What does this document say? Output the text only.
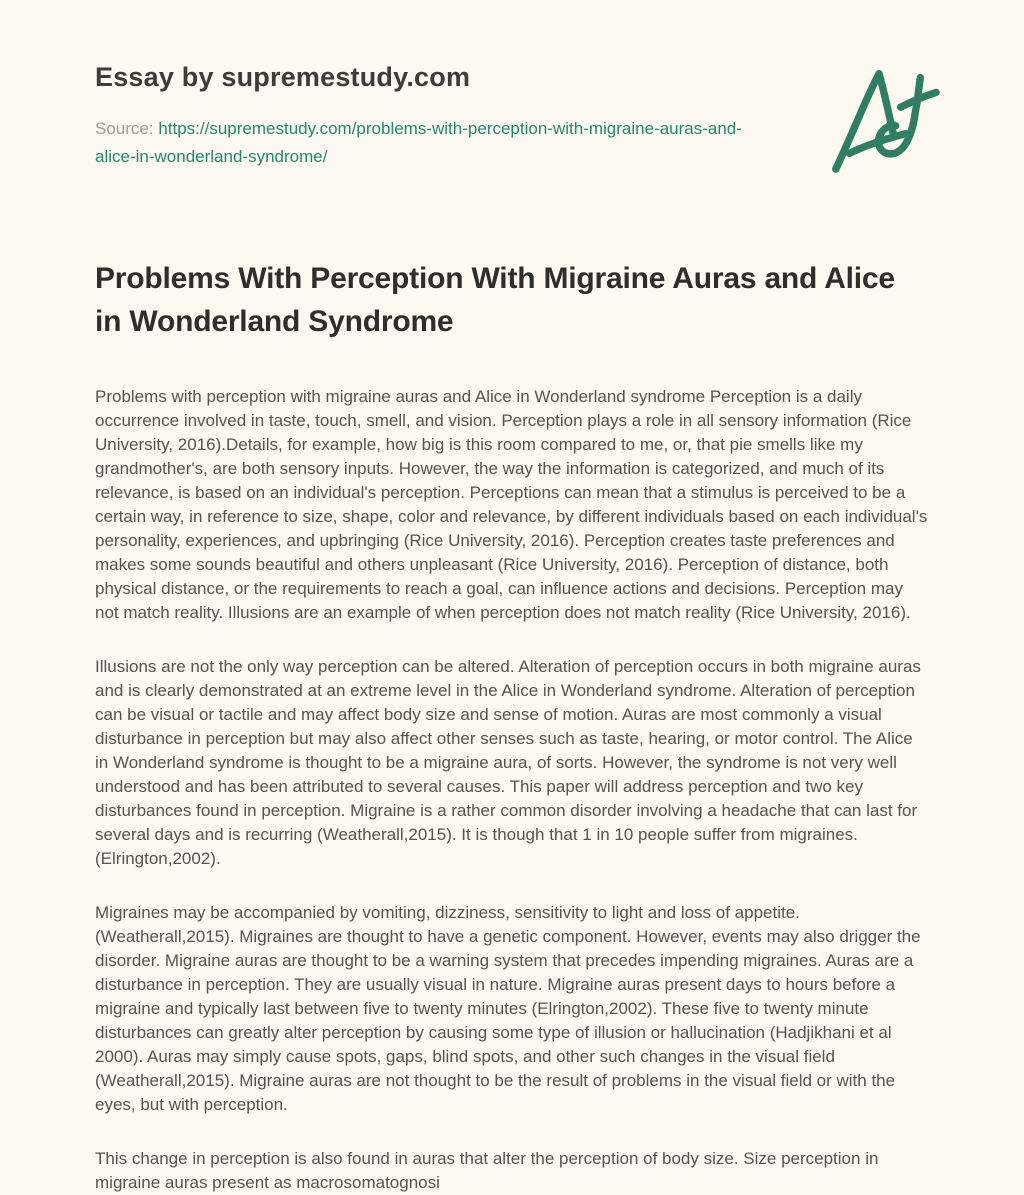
Essay by supremestudy.com

Source: https://supremestudy.com/problems-with-perception-with-migraine-auras-and-alice-in-wonderland-syndrome/

Problems With Perception With Migraine Auras and Alice in Wonderland Syndrome

Problems with perception with migraine auras and Alice in Wonderland syndrome Perception is a daily occurrence involved in taste, touch, smell, and vision. Perception plays a role in all sensory information (Rice University, 2016).Details, for example, how big is this room compared to me, or, that pie smells like my grandmother's, are both sensory inputs. However, the way the information is categorized, and much of its relevance, is based on an individual's perception. Perceptions can mean that a stimulus is perceived to be a certain way, in reference to size, shape, color and relevance, by different individuals based on each individual's personality, experiences, and upbringing (Rice University, 2016). Perception creates taste preferences and makes some sounds beautiful and others unpleasant (Rice University, 2016). Perception of distance, both physical distance, or the requirements to reach a goal, can influence actions and decisions. Perception may not match reality. Illusions are an example of when perception does not match reality (Rice University, 2016).

Illusions are not the only way perception can be altered. Alteration of perception occurs in both migraine auras and is clearly demonstrated at an extreme level in the Alice in Wonderland syndrome. Alteration of perception can be visual or tactile and may affect body size and sense of motion. Auras are most commonly a visual disturbance in perception but may also affect other senses such as taste, hearing, or motor control. The Alice in Wonderland syndrome is thought to be a migraine aura, of sorts. However, the syndrome is not very well understood and has been attributed to several causes. This paper will address perception and two key disturbances found in perception. Migraine is a rather common disorder involving a headache that can last for several days and is recurring (Weatherall,2015). It is though that 1 in 10 people suffer from migraines. (Elrington,2002).

Migraines may be accompanied by vomiting, dizziness, sensitivity to light and loss of appetite.(Weatherall,2015). Migraines are thought to have a genetic component. However, events may also drigger the disorder. Migraine auras are thought to be a warning system that precedes impending migraines. Auras are a disturbance in perception. They are usually visual in nature. Migraine auras present days to hours before a migraine and typically last between five to twenty minutes (Elrington,2002). These five to twenty minute disturbances can greatly alter perception by causing some type of illusion or hallucination (Hadjikhani et al 2000). Auras may simply cause spots, gaps, blind spots, and other such changes in the visual field (Weatherall,2015). Migraine auras are not thought to be the result of problems in the visual field or with the eyes, but with perception.

This change in perception is also found in auras that alter the perception of body size. Size perception in migraine auras present as macrosomatognosi
